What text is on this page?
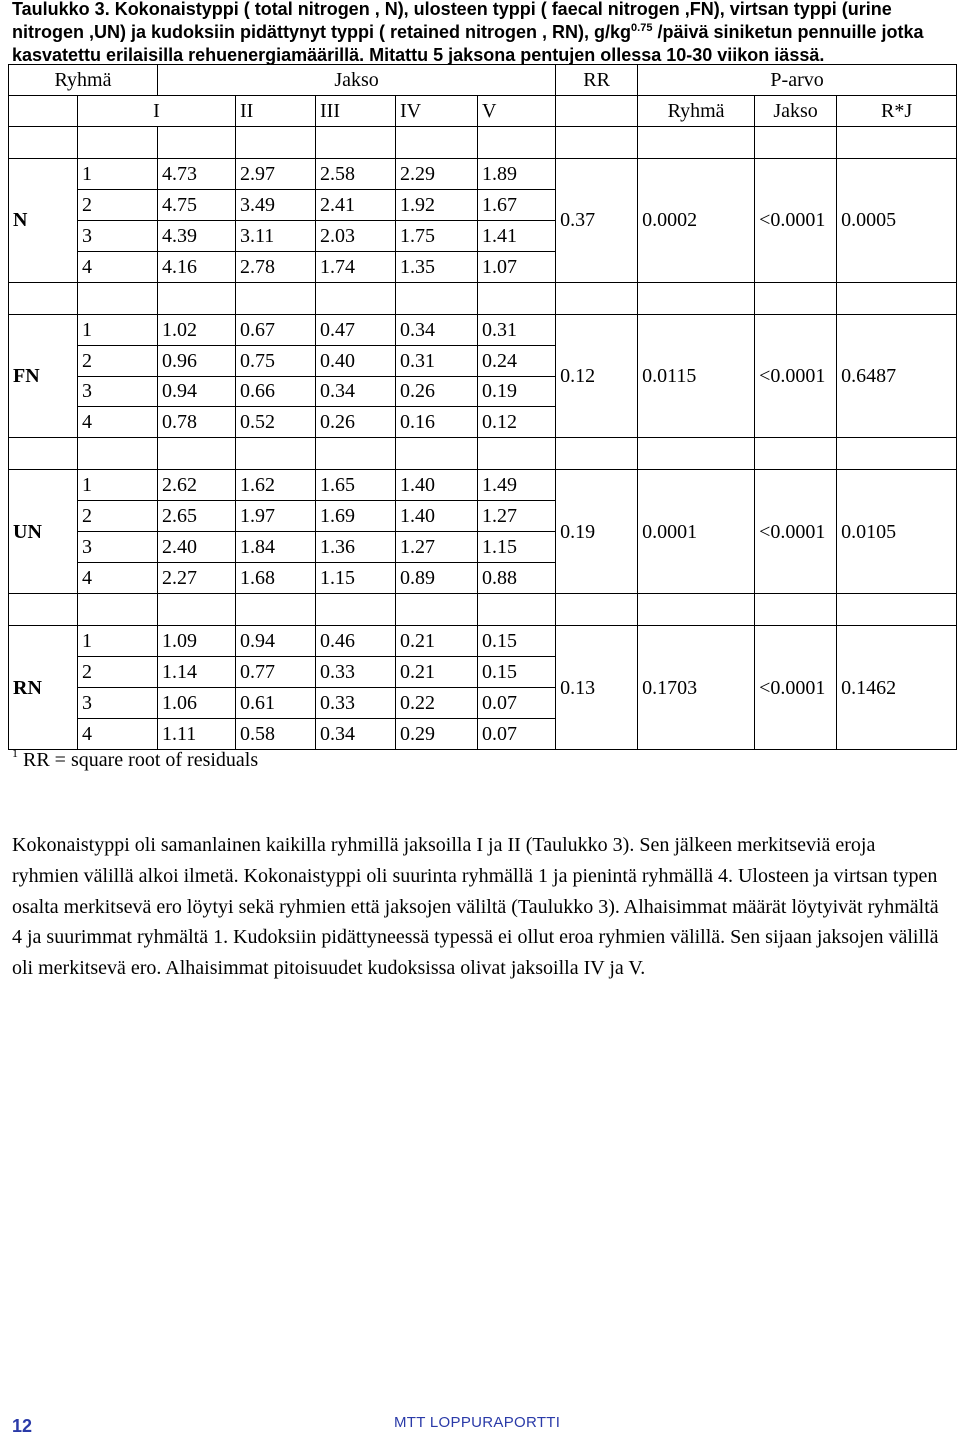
Taulukko 3. Kokonaistyppi ( total nitrogen , N), ulosteen typpi ( faecal nitrogen ,FN), virtsan typpi (urine nitrogen ,UN) ja kudoksiin pidättynyt typpi ( retained nitrogen , RN), $g/kg^{0.75}$ /päivä siniketun pennuille jotka kasvatettu erilaisilla rehuenergiamäärillä. Mitattu 5 jaksona pentujen ollessa 10-30 viikon iässä.

Ryhmä		Jakso					RR	P-arvo		
	I		II	III	IV	V		Ryhmä	Jakso	R*J

N	1	4.73	2.97	2.58	2.29	1.89	0.37	0.0002	<0.0001	0.0005
	2	4.75	3.49	2.41	1.92	1.67				
	3	4.39	3.11	2.03	1.75	1.41				
	4	4.16	2.78	1.74	1.35	1.07				

FN	1	1.02	0.67	0.47	0.34	0.31	0.12	0.0115	<0.0001	0.6487
	2	0.96	0.75	0.40	0.31	0.24				
	3	0.94	0.66	0.34	0.26	0.19				
	4	0.78	0.52	0.26	0.16	0.12				

UN	1	2.62	1.62	1.65	1.40	1.49	0.19	0.0001	<0.0001	0.0105
	2	2.65	1.97	1.69	1.40	1.27				
	3	2.40	1.84	1.36	1.27	1.15				
	4	2.27	1.68	1.15	0.89	0.88				

RN	1	1.09	0.94	0.46	0.21	0.15	0.13	0.1703	<0.0001	0.1462
	2	1.14	0.77	0.33	0.21	0.15				
	3	1.06	0.61	0.33	0.22	0.07				
	4	1.11	0.58	0.34	0.29	0.07				

$^1$ RR = square root of residuals

Kokonaistyppi oli samanlainen kaikilla ryhmillä jaksoilla I ja II (Taulukko 3). Sen jälkeen merkitseviä eroja ryhmien välillä alkoi ilmetä. Kokonaistyppi oli suurinta ryhmällä 1 ja pienintä ryhmällä 4. Ulosteen ja virtsan typen osalta merkitsevä ero löytyi sekä ryhmien että jaksojen väliltä (Taulukko 3). Alhaisimmat määrät löytyivät ryhmältä 4 ja suurimmat ryhmältä 1. Kudoksiin pidättyneessä typessä ei ollut eroa ryhmien välillä. Sen sijaan jaksojen välillä oli merkitsevä ero. Alhaisimmat pitoisuudet kudoksissa olivat jaksoilla IV ja V.

12	MTT LOPPURAPORTTI
